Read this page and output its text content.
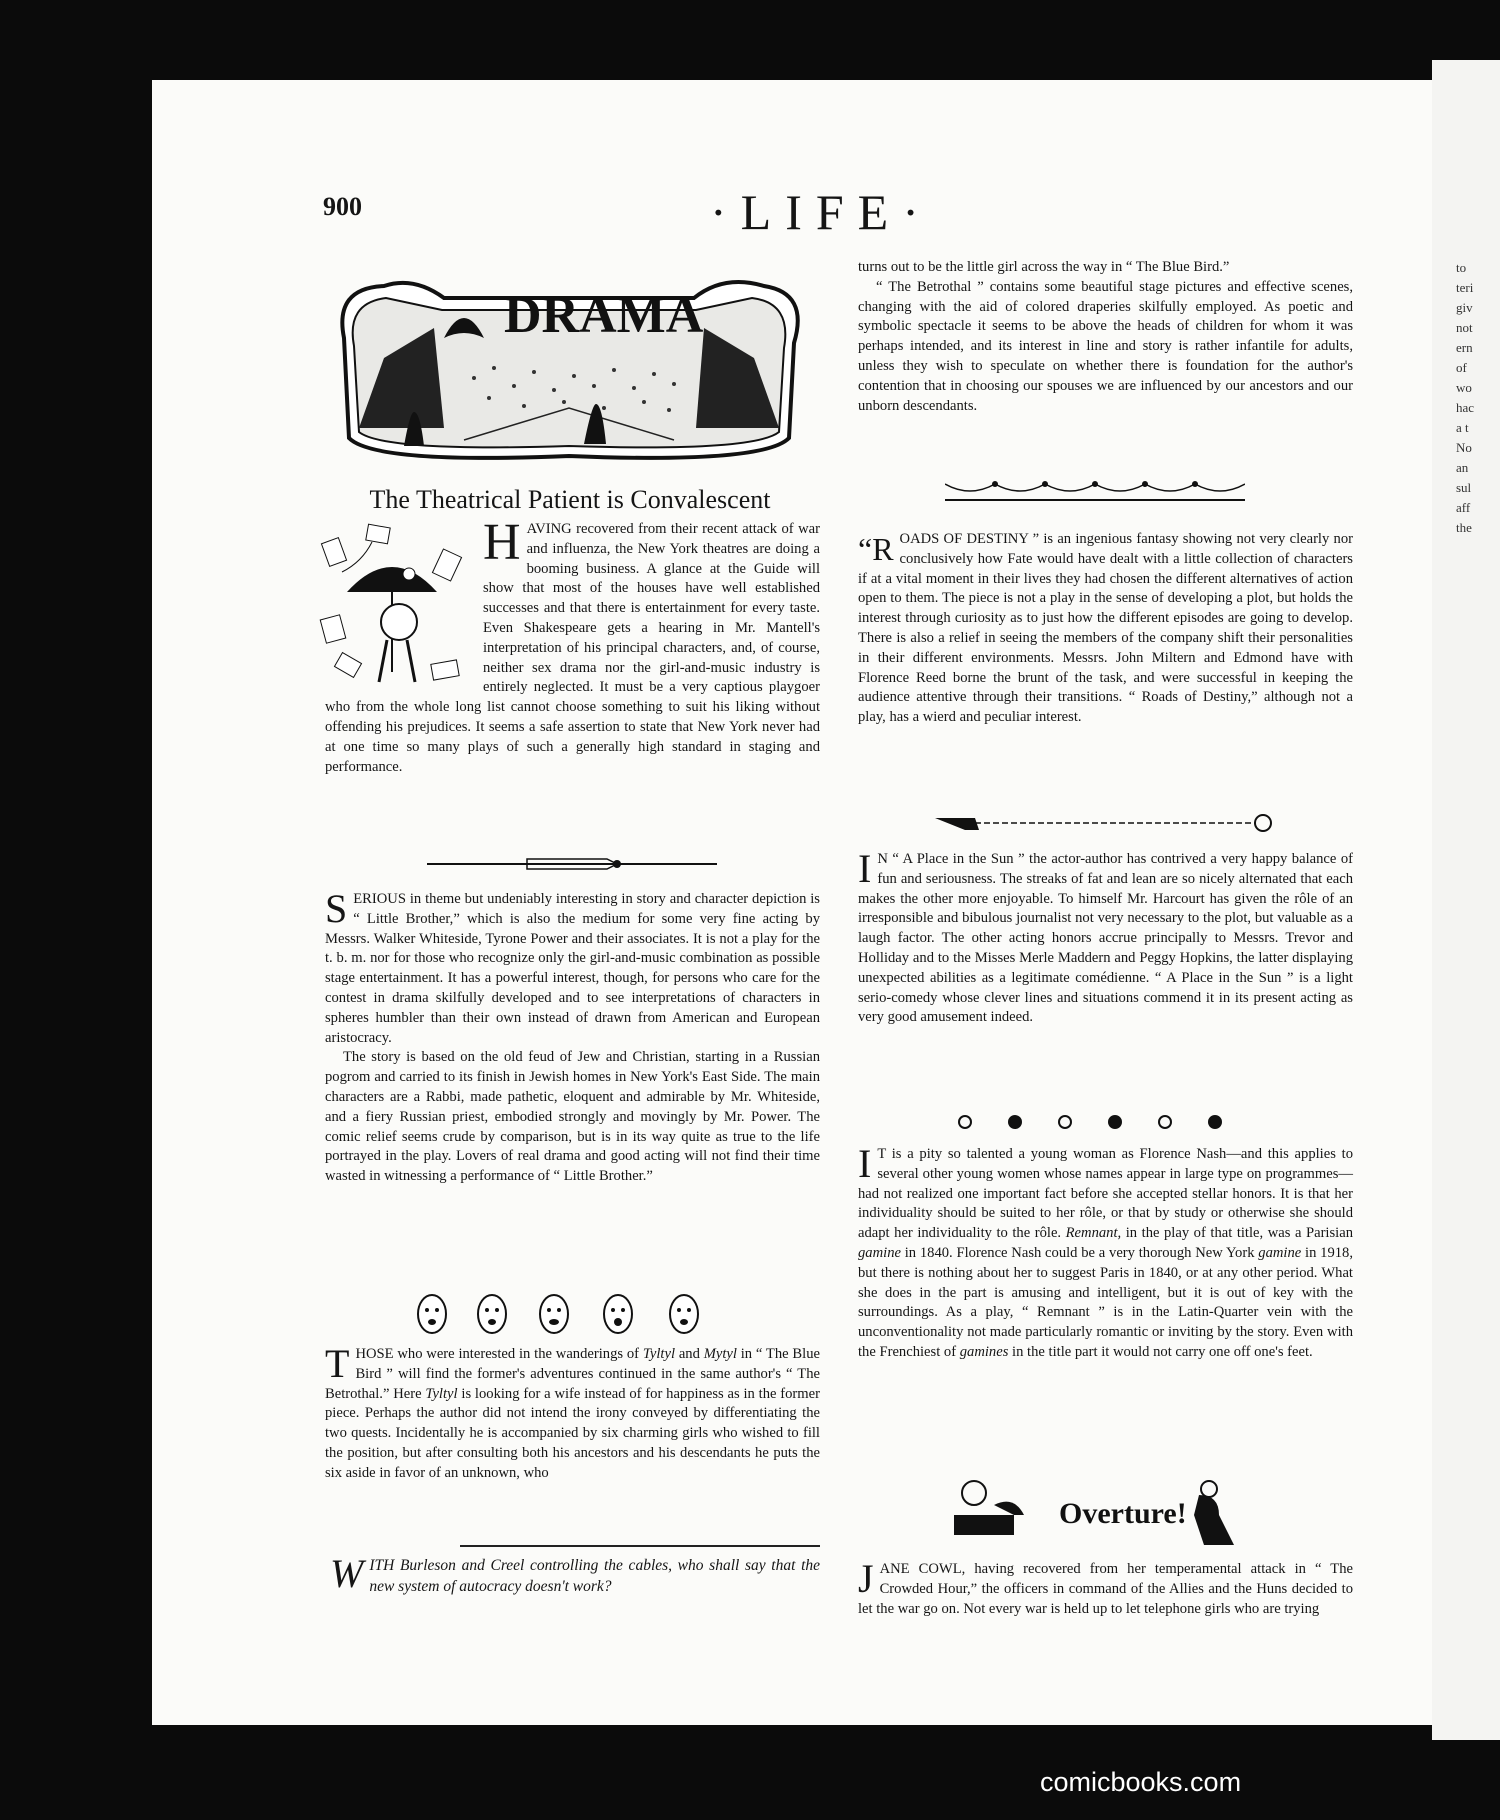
to
teri
giv
not
ern
of
wo
hac
a t
No
an
sul
aff
the
900	·LIFE·
DRAMA
The Theatrical Patient is Convalescent

HAVING recovered from their recent attack of war and influenza, the New York theatres are doing a booming business. A glance at the Guide will show that most of the houses have well established successes and that there is entertainment for every taste. Even Shakespeare gets a hearing in Mr. Mantell's interpretation of his principal characters, and, of course, neither sex drama nor the girl-and-music industry is entirely neglected. It must be a very captious playgoer who from the whole long list cannot choose something to suit his liking without offending his prejudices. It seems a safe assertion to state that New York never had at one time so many plays of such a generally high standard in staging and performance.

SERIOUS in theme but undeniably interesting in story and character depiction is “ Little Brother,” which is also the medium for some very fine acting by Messrs. Walker Whiteside, Tyrone Power and their associates. It is not a play for the t. b. m. nor for those who recognize only the girl-and-music combination as possible stage entertainment. It has a powerful interest, though, for persons who care for the contest in drama skilfully developed and to see interpretations of characters in spheres humbler than their own instead of drawn from American and European aristocracy.

The story is based on the old feud of Jew and Christian, starting in a Russian pogrom and carried to its finish in Jewish homes in New York's East Side. The main characters are a Rabbi, made pathetic, eloquent and admirable by Mr. Whiteside, and a fiery Russian priest, embodied strongly and movingly by Mr. Power. The comic relief seems crude by comparison, but is in its way quite as true to the life portrayed in the play. Lovers of real drama and good acting will not find their time wasted in witnessing a performance of “ Little Brother.”

THOSE who were interested in the wanderings of Tyltyl and Mytyl in “ The Blue Bird ” will find the former's adventures continued in the same author's “ The Betrothal.” Here Tyltyl is looking for a wife instead of for happiness as in the former piece. Perhaps the author did not intend the irony conveyed by differentiating the two quests. Incidentally he is accompanied by six charming girls who wished to fill the position, but after consulting both his ancestors and his descendants he puts the six aside in favor of an unknown, who

WITH Burleson and Creel controlling the cables, who shall say that the new system of autocracy doesn't work?

turns out to be the little girl across the way in “ The Blue Bird.”

“ The Betrothal ” contains some beautiful stage pictures and effective scenes, changing with the aid of colored draperies skilfully employed. As poetic and symbolic spectacle it seems to be above the heads of children for whom it was perhaps intended, and its interest in line and story is rather infantile for adults, unless they wish to speculate on whether there is foundation for the author's contention that in choosing our spouses we are influenced by our ancestors and our unborn descendants.

“ROADS OF DESTINY ” is an ingenious fantasy showing not very clearly nor conclusively how Fate would have dealt with a little collection of characters if at a vital moment in their lives they had chosen the different alternatives of action open to them. The piece is not a play in the sense of developing a plot, but holds the interest through curiosity as to just how the different episodes are going to develop. There is also a relief in seeing the members of the company shift their personalities in their different environments. Messrs. John Miltern and Edmond have with Florence Reed borne the brunt of the task, and were successful in keeping the audience attentive through their transitions. “ Roads of Destiny,” although not a play, has a wierd and peculiar interest.

I N “ A Place in the Sun ” the actor-author has contrived a very happy balance of fun and seriousness. The streaks of fat and lean are so nicely alternated that each makes the other more enjoyable. To himself Mr. Harcourt has given the rôle of an irresponsible and bibulous journalist not very necessary to the plot, but valuable as a laugh factor. The other acting honors accrue principally to Messrs. Trevor and Holliday and to the Misses Merle Maddern and Peggy Hopkins, the latter displaying unexpected abilities as a legitimate comédienne. “ A Place in the Sun ” is a light serio-comedy whose clever lines and situations commend it in its present acting as very good amusement indeed.

I T is a pity so talented a young woman as Florence Nash—and this applies to several other young women whose names appear in large type on programmes—had not realized one important fact before she accepted stellar honors. It is that her individuality should be suited to her rôle, or that by study or otherwise she should adapt her individuality to the rôle. Remnant, in the play of that title, was a Parisian gamine in 1840. Florence Nash could be a very thorough New York gamine in 1918, but there is nothing about her to suggest Paris in 1840, or at any other period. What she does in the part is amusing and intelligent, but it is out of key with the surroundings. As a play, “ Remnant ” is in the Latin-Quarter vein with the unconventionality not made particularly romantic or inviting by the story. Even with the Frenchiest of gamines in the title part it would not carry one off one's feet.

Overture!

JANE COWL, having recovered from her temperamental attack in “ The Crowded Hour,” the officers in command of the Allies and the Huns decided to let the war go on. Not every war is held up to let telephone girls who are trying

comicbooks.com
